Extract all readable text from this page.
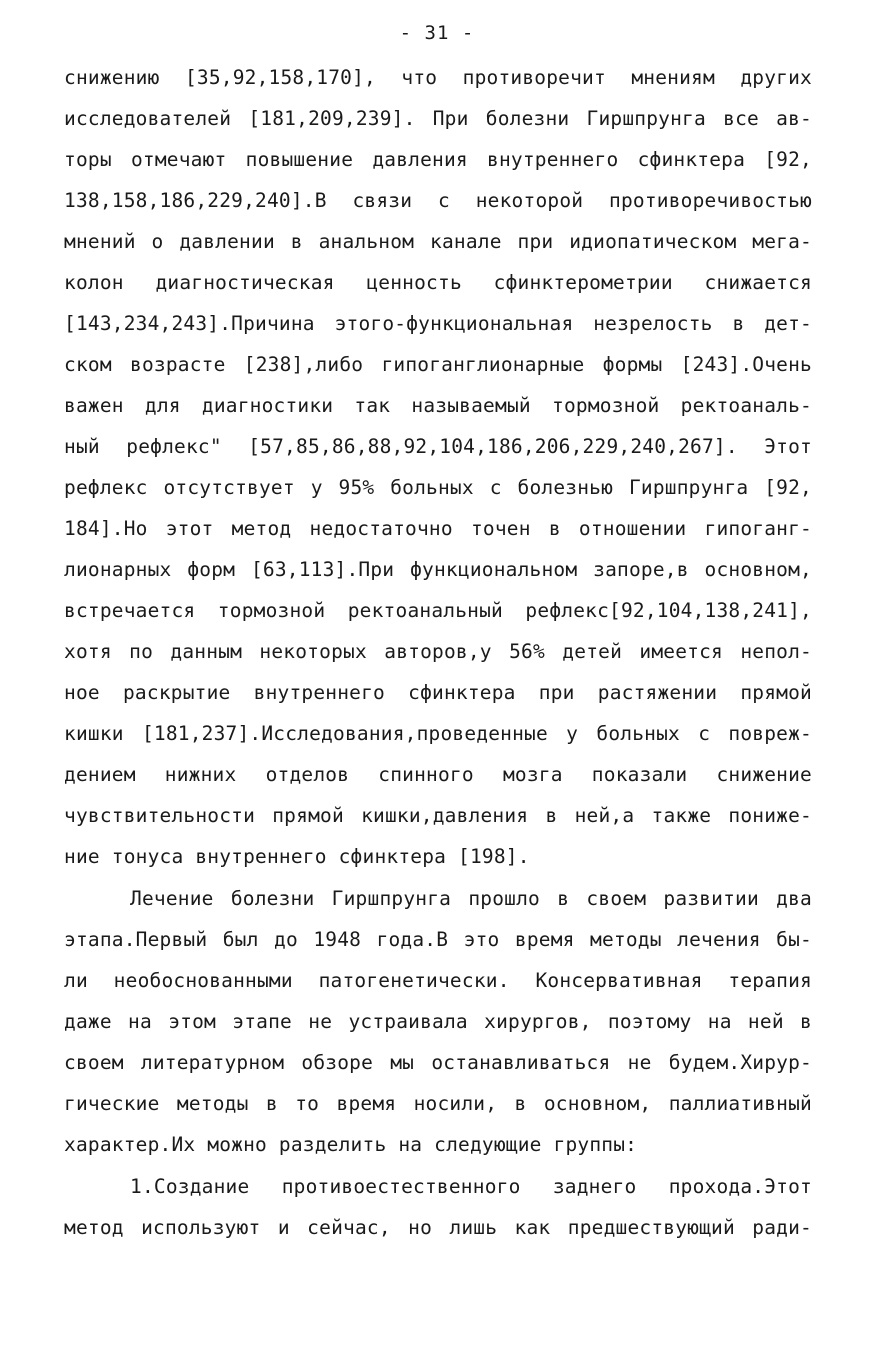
- 31 -
снижению [35,92,158,170], что противоречит мнениям других
исследователей [181,209,239]. При болезни Гиршпрунга все ав-
торы отмечают повышение давления внутреннего сфинктера [92,
138,158,186,229,240].В связи с некоторой противоречивостью
мнений о давлении в анальном канале при идиопатическом мега-
колон диагностическая ценность сфинктерометрии снижается
[143,234,243].Причина этого-функциональная незрелость в дет-
ском возрасте [238],либо гипоганглионарные формы [243].Очень
важен для диагностики так называемый тормозной ректоаналь-
ный рефлекс" [57,85,86,88,92,104,186,206,229,240,267]. Этот
рефлекс отсутствует у 95% больных с болезнью Гиршпрунга [92,
184].Но этот метод недостаточно точен в отношении гипоганг-
лионарных форм [63,113].При функциональном запоре,в основном,
встречается тормозной ректоанальный рефлекс[92,104,138,241],
хотя по данным некоторых авторов,у 56% детей имеется непол-
ное раскрытие внутреннего сфинктера при растяжении прямой
кишки [181,237].Исследования,проведенные у больных с повреж-
дением нижних отделов спинного мозга показали снижение
чувствительности прямой кишки,давления в ней,а также пониже-
ние тонуса внутреннего сфинктера [198].
Лечение болезни Гиршпрунга прошло в своем развитии два
этапа.Первый был до 1948 года.В это время методы лечения бы-
ли необоснованными патогенетически. Консервативная терапия
даже на этом этапе не устраивала хирургов, поэтому на ней в
своем литературном обзоре мы останавливаться не будем.Хирур-
гические методы в то время носили, в основном, паллиативный
характер.Их можно разделить на следующие группы:
1.Создание противоестественного заднего прохода.Этот
метод используют и сейчас, но лишь как предшествующий ради-
